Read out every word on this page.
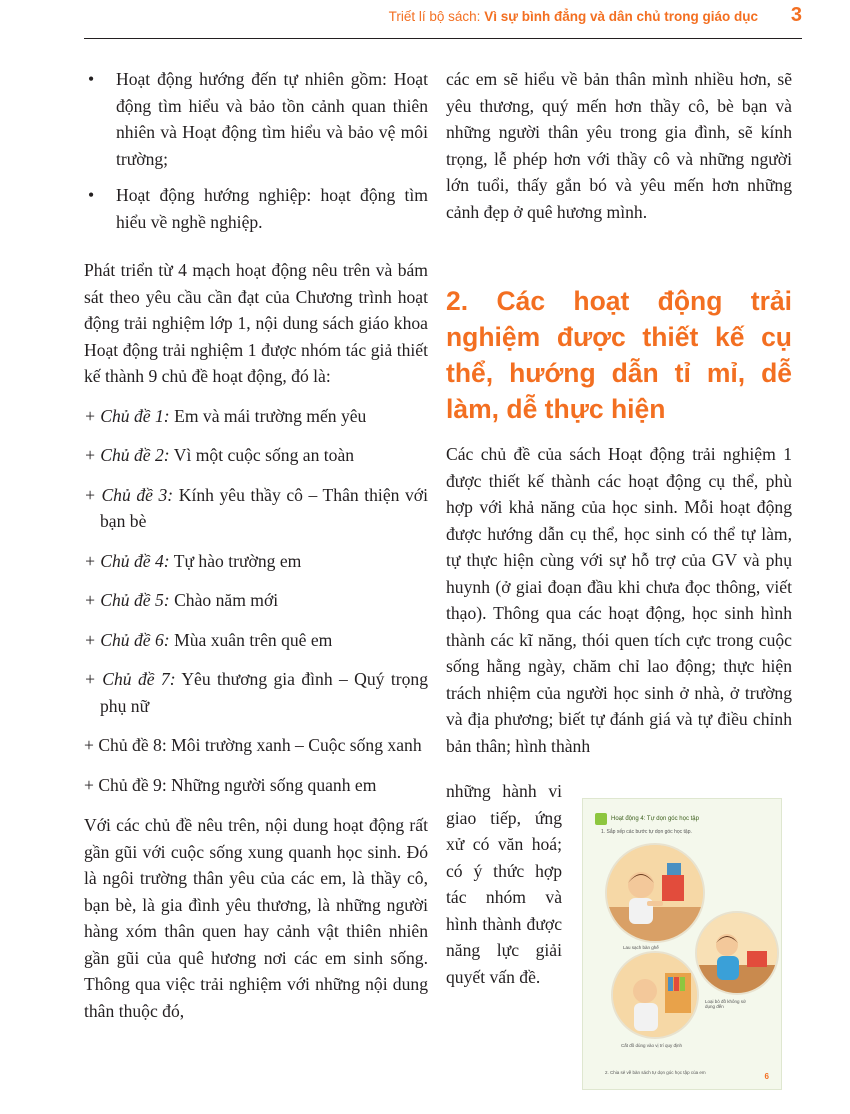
Triết lí bộ sách: Vì sự bình đẳng và dân chủ trong giáo dục 3
• Hoạt động hướng đến tự nhiên gồm: Hoạt động tìm hiểu và bảo tồn cảnh quan thiên nhiên và Hoạt động tìm hiểu và bảo vệ môi trường;
• Hoạt động hướng nghiệp: hoạt động tìm hiểu về nghề nghiệp.

Phát triển từ 4 mạch hoạt động nêu trên và bám sát theo yêu cầu cần đạt của Chương trình hoạt động trải nghiệm lớp 1, nội dung sách giáo khoa Hoạt động trải nghiệm 1 được nhóm tác giả thiết kế thành 9 chủ đề hoạt động, đó là:

+ Chủ đề 1: Em và mái trường mến yêu
+ Chủ đề 2: Vì một cuộc sống an toàn
+ Chủ đề 3: Kính yêu thầy cô – Thân thiện với bạn bè
+ Chủ đề 4: Tự hào trường em
+ Chủ đề 5: Chào năm mới
+ Chủ đề 6: Mùa xuân trên quê em
+ Chủ đề 7: Yêu thương gia đình – Quý trọng phụ nữ
+ Chủ đề 8: Môi trường xanh – Cuộc sống xanh
+ Chủ đề 9: Những người sống quanh em

Với các chủ đề nêu trên, nội dung hoạt động rất gần gũi với cuộc sống xung quanh học sinh. Đó là ngôi trường thân yêu của các em, là thầy cô, bạn bè, là gia đình yêu thương, là những người hàng xóm thân quen hay cảnh vật thiên nhiên gần gũi của quê hương nơi các em sinh sống. Thông qua việc trải nghiệm với những nội dung thân thuộc đó,

các em sẽ hiểu về bản thân mình nhiều hơn, sẽ yêu thương, quý mến hơn thầy cô, bè bạn và những người thân yêu trong gia đình, sẽ kính trọng, lễ phép hơn với thầy cô và những người lớn tuổi, thấy gắn bó và yêu mến hơn những cảnh đẹp ở quê hương mình.

2. Các hoạt động trải nghiệm được thiết kế cụ thể, hướng dẫn tỉ mỉ, dễ làm, dễ thực hiện

Các chủ đề của sách Hoạt động trải nghiệm 1 được thiết kế thành các hoạt động cụ thể, phù hợp với khả năng của học sinh. Mỗi hoạt động được hướng dẫn cụ thể, học sinh có thể tự làm, tự thực hiện cùng với sự hỗ trợ của GV và phụ huynh (ở giai đoạn đầu khi chưa đọc thông, viết thạo). Thông qua các hoạt động, học sinh hình thành các kĩ năng, thói quen tích cực trong cuộc sống hằng ngày, chăm chỉ lao động; thực hiện trách nhiệm của người học sinh ở nhà, ở trường và địa phương; biết tự đánh giá và tự điều chỉnh bản thân; hình thành

những hành vi giao tiếp, ứng xử có văn hoá; có ý thức hợp tác nhóm và hình thành được năng lực giải quyết vấn đề.
Hoạt động 4: Tự dọn góc học tập
1. Sắp xếp các bước tự dọn góc học tập.
Lau sạch bàn ghế
Loại bỏ đồ không sử dụng đến
Cất đồ dùng vào vị trí quy định
2. Chia sẻ về bàn sách tự dọn góc học tập của em	6
